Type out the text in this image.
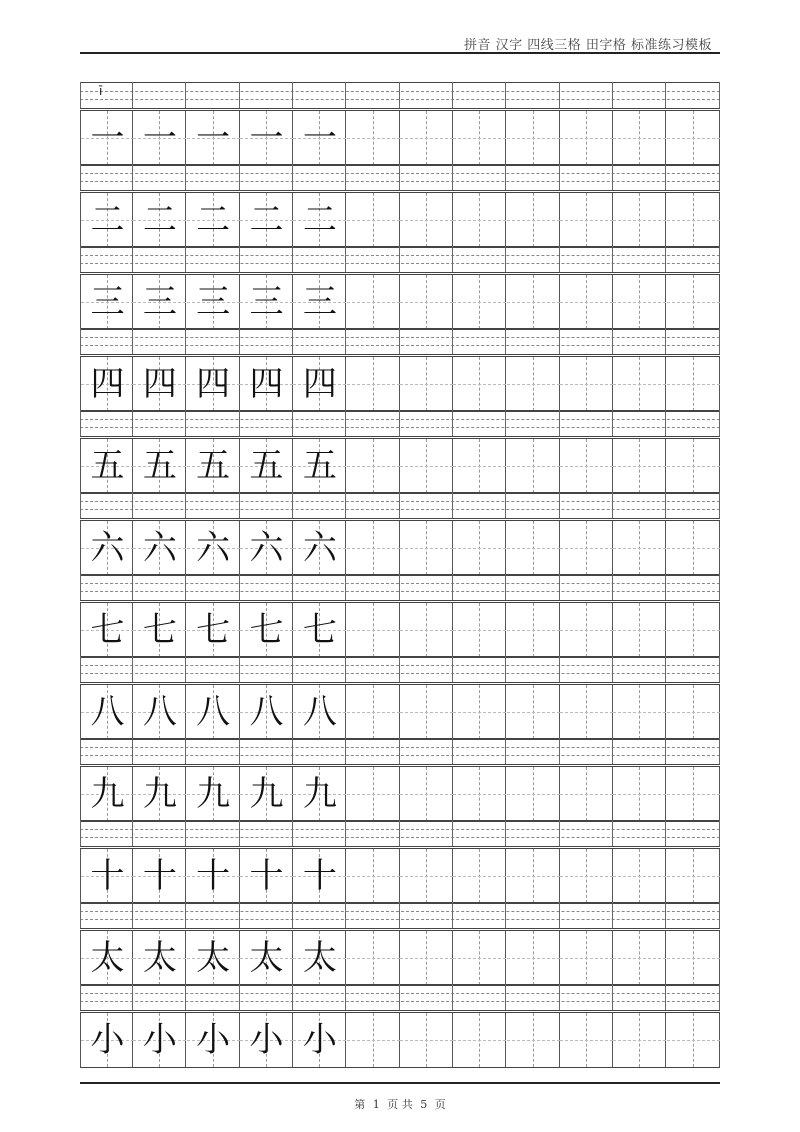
拼音 汉字 四线三格 田字格 标准练习模板
ī
一 一 一 一 一
二 二 二 二 二
三 三 三 三 三
四 四 四 四 四
五 五 五 五 五
六 六 六 六 六
七 七 七 七 七
八 八 八 八 八
九 九 九 九 九
十 十 十 十 十
太 太 太 太 太
小 小 小 小 小
第 1 页 共 5 页
